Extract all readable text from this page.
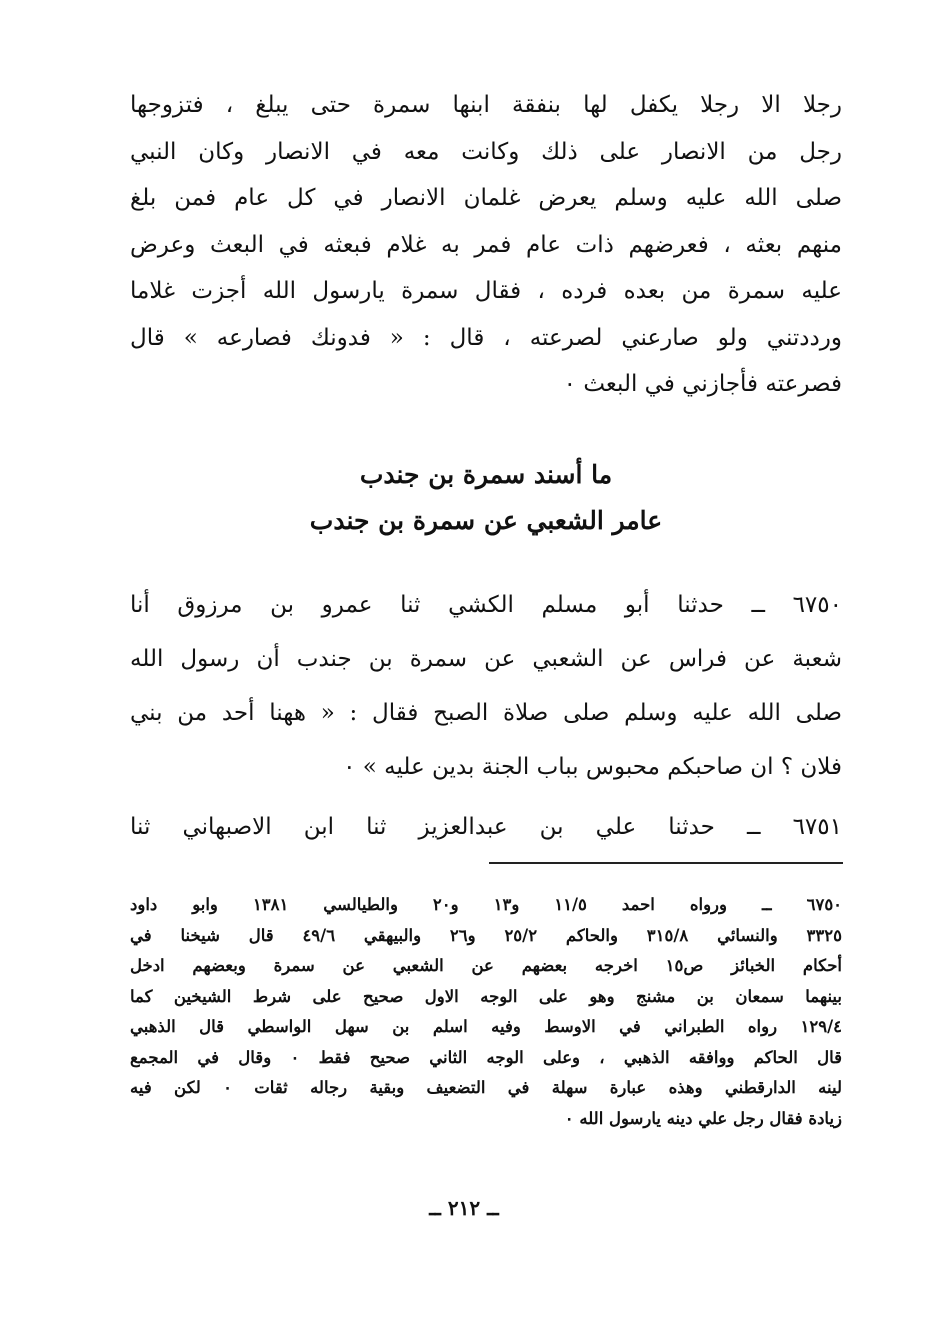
رجلا الا رجلا يكفل لها بنفقة ابنها سمرة حتى يبلغ ، فتزوجها
رجل من الانصار على ذلك وكانت معه في الانصار وكان النبي
صلى الله عليه وسلم يعرض غلمان الانصار في كل عام فمن بلغ
منهم بعثه ، فعرضهم ذات عام فمر به غلام فبعثه في البعث وعرض
عليه سمرة من بعده فرده ، فقال سمرة يارسول الله أجزت غلاما
ورددتني ولو صارعني لصرعته ، قال : « فدونك فصارعه » قال
فصرعته فأجازني في البعث ٠
ما أسند سمرة بن جندب
عامر الشعبي عن سمرة بن جندب
٦٧٥٠ ــ حدثنا أبو مسلم الكشي ثنا عمرو بن مرزوق أنا
شعبة عن فراس عن الشعبي عن سمرة بن جندب أن رسول الله
صلى الله عليه وسلم صلى صلاة الصبح فقال : « ههنا أحد من بني
فلان ؟ ان صاحبكم محبوس بباب الجنة بدين عليه » ٠
٦٧٥١ ــ حدثنا علي بن عبدالعزيز ثنا ابن الاصبهاني ثنا
٦٧٥٠ ــ ورواه احمد ١١/٥ و١٣ و٢٠ والطيالسي ١٣٨١ وابو داود
٣٣٢٥ والنسائي ٣١٥/٨ والحاكم ٢٥/٢ و٢٦ والبيهقي ٤٩/٦ قال شيخنا في
أحكام الخبائز ص١٥ اخرجه بعضهم عن الشعبي عن سمرة وبعضهم ادخل
بينهما سمعان بن مشنج وهو على الوجه الاول صحيح على شرط الشيخين كما
١٢٩/٤ رواه الطبراني في الاوسط وفيه اسلم بن سهل الواسطي قال الذهبي
قال الحاكم ووافقه الذهبي ، وعلى الوجه الثاني صحيح فقط ٠ وقال في المجمع
لينه الدارقطني وهذه عبارة سهلة في التضعيف وبقية رجاله ثقات ٠ لكن فيه
زيادة فقال رجل علي دينه يارسول الله ٠
ــ ٢١٢ ــ
